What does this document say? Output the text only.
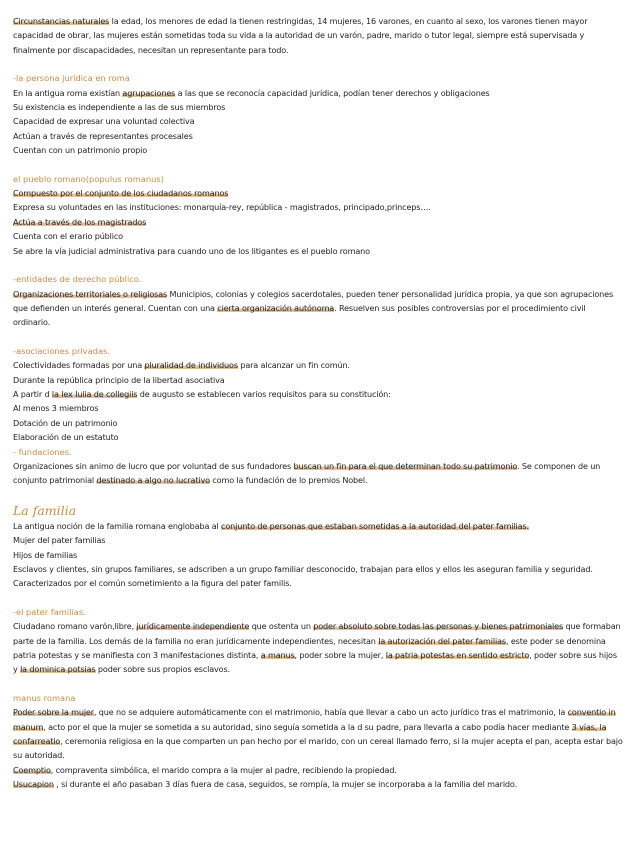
Circunstancias naturales la edad, los menores de edad la tienen restringidas, 14 mujeres, 16 varones, en cuanto al sexo, los varones tienen mayor capacidad de obrar, las mujeres están sometidas toda su vida a la autoridad de un varón, padre, marido o tutor legal, siempre está supervisada y finalmente por discapacidades, necesitan un representante para todo.

-la persona jurídica en roma

En la antigua roma existían agrupaciones a las que se reconocía capacidad jurídica, podían tener derechos y obligaciones

Su existencia es independiente a las de sus miembros

Capacidad de expresar una voluntad colectiva

Actúan a través de representantes procesales

Cuentan con un patrimonio propio

el pueblo romano(populus romanus)

Compuesto por el conjunto de los ciudadanos romanos

Expresa su voluntades en las instituciones: monarquía-rey, república - magistrados, principado,princeps….

Actúa a través de los magistrados

Cuenta con el erario público

Se abre la vía judicial administrativa para cuando uno de los litigantes es el pueblo romano

-entidades de derecho público.

Organizaciones territoriales o religiosas Municipios, colonias y colegios sacerdotales, pueden tener personalidad jurídica propia, ya que son agrupaciones que defienden un interés general. Cuentan con una cierta organización autónoma. Resuelven sus posibles controversias por el procedimiento civil ordinario.

-asociaciones privadas.

Colectividades formadas por una pluralidad de individuos para alcanzar un fin común.

Durante la república principio de la libertad asociativa

A partir d la lex Iulia de collegiis de augusto se establecen varios requisitos para su constitución:

Al menos 3 miembros

Dotación de un patrimonio

Elaboración de un estatuto

- fundaciones.

Organizaciones sin animo de lucro que por voluntad de sus fundadores buscan un fin para el que determinan todo su patrimonio. Se componen de un conjunto patrimonial destinado a algo no lucrativo como la fundación de lo premios Nobel.

La familia

La antigua noción de la familia romana englobaba al conjunto de personas que estaban sometidas a la autoridad del pater familias.

Mujer del pater familias

Hijos de familias

Esclavos y clientes, sin grupos familiares, se adscriben a un grupo familiar desconocido, trabajan para ellos y ellos les aseguran familia y seguridad.

Caracterizados por el común sometimiento a la figura del pater familis.

-el pater familias.

Ciudadano romano varón,libre, jurídicamente independiente que ostenta un poder absoluto sobre todas las personas y bienes patrimoniales que formaban parte de la familia. Los demás de la familia no eran jurídicamente independientes, necesitan la autorización del pater familias, este poder se denomina patria potestas y se manifiesta con 3 manifestaciones distinta, a manus, poder sobre la mujer, la patria potestas en sentido estricto, poder sobre sus hijos y la dominica potsias poder sobre sus propios esclavos.

manus romana

Poder sobre la mujer, que no se adquiere automáticamente con el matrimonio, había que llevar a cabo un acto jurídico tras el matrimonio, la conventio in manum, acto por el que la mujer se sometida a su autoridad, sino seguía sometida a la d su padre, para llevarla a cabo podía hacer mediante 3 vías, la confarreatio, ceremonia religiosa en la que comparten un pan hecho por el marido, con un cereal llamado ferro, si la mujer acepta el pan, acepta estar bajo su autoridad.

Coemptio, compraventa simbólica, el marido compra a la mujer al padre, recibiendo la propiedad.

Usucapion , si durante el año pasaban 3 días fuera de casa, seguidos, se rompía, la mujer se incorporaba a la familia del marido.
